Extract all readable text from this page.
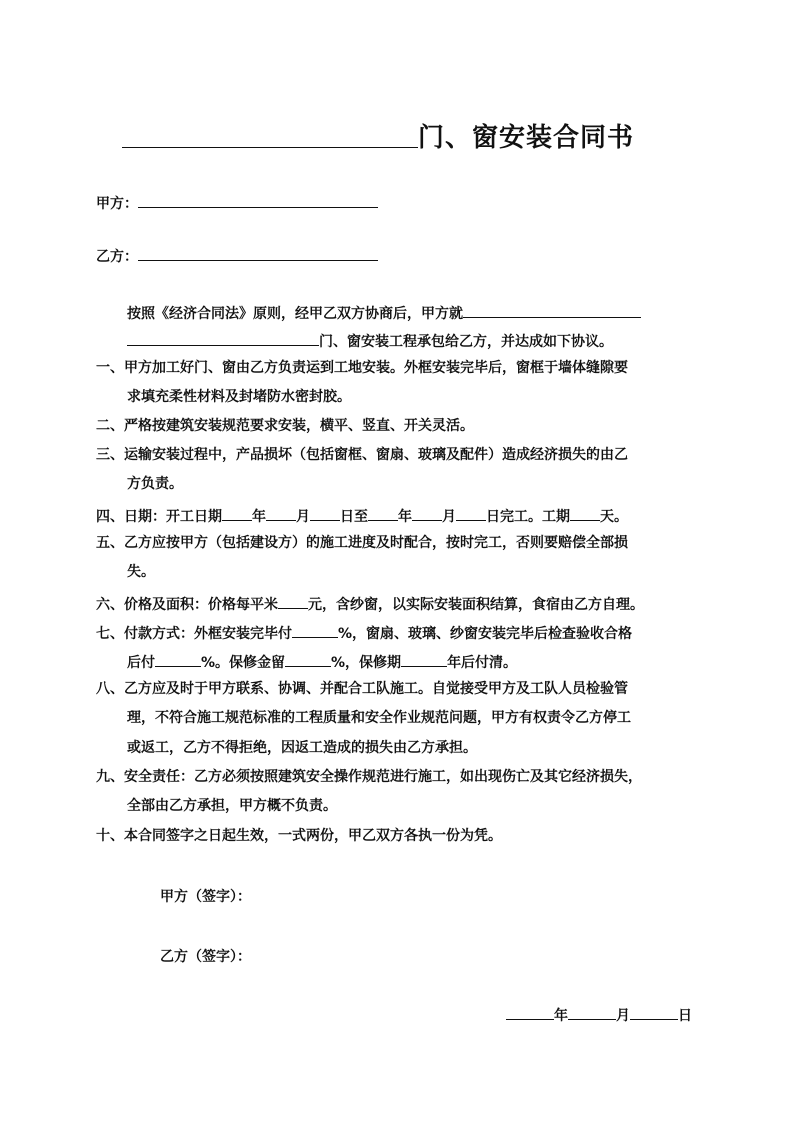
门、窗安装合同书
甲方：
乙方：
按照《经济合同法》原则，经甲乙双方协商后，甲方就
门、窗安装工程承包给乙方，并达成如下协议。
一、甲方加工好门、窗由乙方负责运到工地安装。外框安装完毕后，窗框于墙体缝隙要
求填充柔性材料及封堵防水密封胶。
二、严格按建筑安装规范要求安装，横平、竖直、开关灵活。
三、运输安装过程中，产品损坏（包括窗框、窗扇、玻璃及配件）造成经济损失的由乙
方负责。
四、日期：开工日期 年 月 日至 年 月 日完工。工期 天。
五、乙方应按甲方（包括建设方）的施工进度及时配合，按时完工，否则要赔偿全部损
失。
六、价格及面积：价格每平米 元，含纱窗，以实际安装面积结算，食宿由乙方自理。
七、付款方式：外框安装完毕付	%，窗扇、玻璃、纱窗安装完毕后检查验收合格
后付	%。保修金留	%，保修期	年后付清。
八、乙方应及时于甲方联系、协调、并配合工队施工。自觉接受甲方及工队人员检验管
理，不符合施工规范标准的工程质量和安全作业规范问题，甲方有权责令乙方停工
或返工，乙方不得拒绝，因返工造成的损失由乙方承担。
九、安全责任：乙方必须按照建筑安全操作规范进行施工，如出现伤亡及其它经济损失，
全部由乙方承担，甲方概不负责。
十、本合同签字之日起生效，一式两份，甲乙双方各执一份为凭。
甲方（签字）：
乙方（签字）：
年	月	日
